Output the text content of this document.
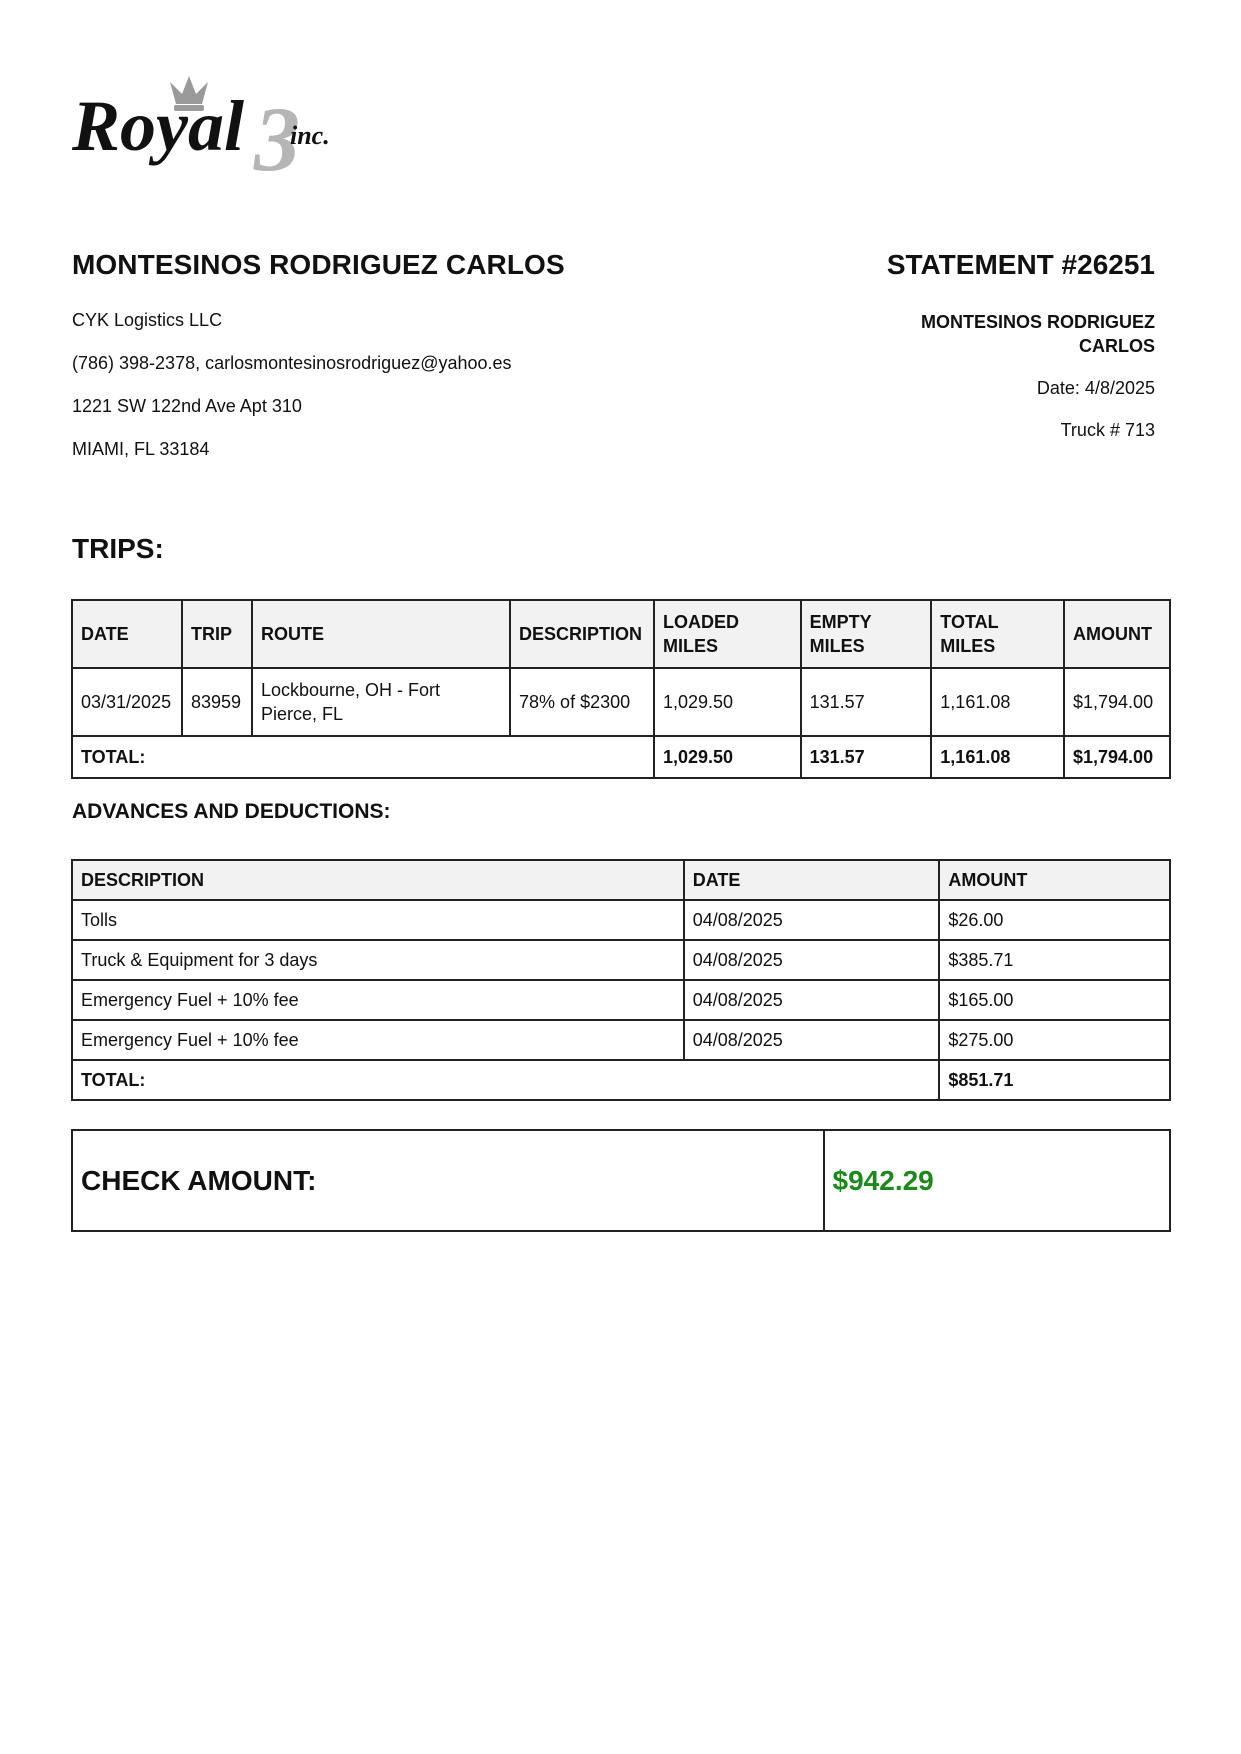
Royal 3
inc.
MONTESINOS RODRIGUEZ CARLOS
CYK Logistics LLC
(786) 398-2378, carlosmontesinosrodriguez@yahoo.es
1221 SW 122nd Ave Apt 310
MIAMI, FL 33184
STATEMENT #26251
MONTESINOS RODRIGUEZ
CARLOS
Date: 4/8/2025
Truck # 713
TRIPS:
DATE	TRIP	ROUTE	DESCRIPTION	LOADED MILES	EMPTY MILES	TOTAL MILES	AMOUNT
03/31/2025	83959	Lockbourne, OH - Fort Pierce, FL	78% of $2300	1,029.50	131.57	1,161.08	$1,794.00
TOTAL:				1,029.50	131.57	1,161.08	$1,794.00
ADVANCES AND DEDUCTIONS:
DESCRIPTION	DATE	AMOUNT
Tolls	04/08/2025	$26.00
Truck & Equipment for 3 days	04/08/2025	$385.71
Emergency Fuel + 10% fee	04/08/2025	$165.00
Emergency Fuel + 10% fee	04/08/2025	$275.00
TOTAL:		$851.71
CHECK AMOUNT:	$942.29
